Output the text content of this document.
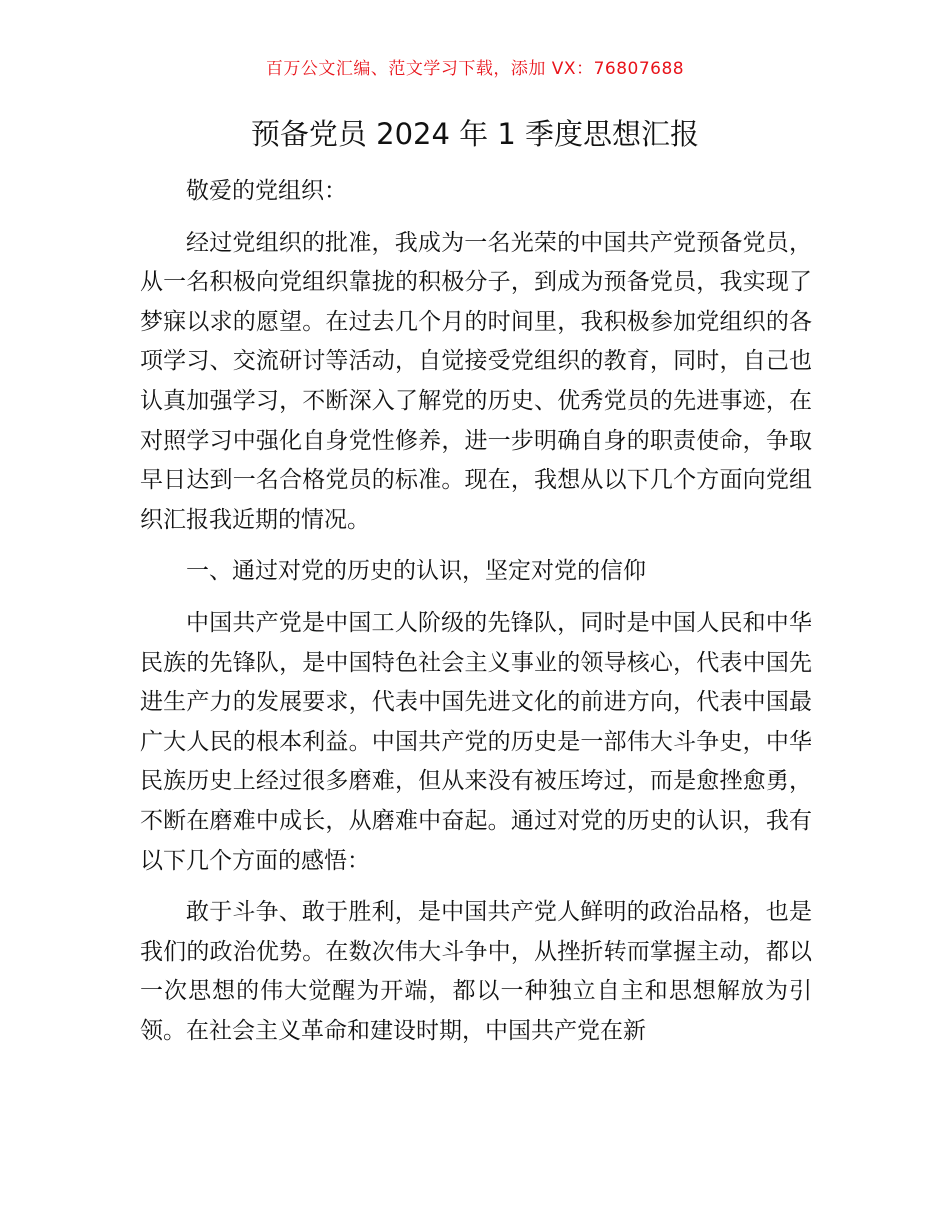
百万公文汇编、范文学习下载，添加 VX：76807688
预备党员 2024 年 1 季度思想汇报

敬爱的党组织：

经过党组织的批准，我成为一名光荣的中国共产党预备党员，从一名积极向党组织靠拢的积极分子，到成为预备党员，我实现了梦寐以求的愿望。在过去几个月的时间里，我积极参加党组织的各项学习、交流研讨等活动，自觉接受党组织的教育，同时，自己也认真加强学习，不断深入了解党的历史、优秀党员的先进事迹，在对照学习中强化自身党性修养，进一步明确自身的职责使命，争取早日达到一名合格党员的标准。现在，我想从以下几个方面向党组织汇报我近期的情况。

一、通过对党的历史的认识，坚定对党的信仰

中国共产党是中国工人阶级的先锋队，同时是中国人民和中华民族的先锋队，是中国特色社会主义事业的领导核心，代表中国先进生产力的发展要求，代表中国先进文化的前进方向，代表中国最广大人民的根本利益。中国共产党的历史是一部伟大斗争史，中华民族历史上经过很多磨难，但从来没有被压垮过，而是愈挫愈勇，不断在磨难中成长，从磨难中奋起。通过对党的历史的认识，我有以下几个方面的感悟：

敢于斗争、敢于胜利，是中国共产党人鲜明的政治品格，也是我们的政治优势。在数次伟大斗争中，从挫折转而掌握主动，都以一次思想的伟大觉醒为开端，都以一种独立自主和思想解放为引领。在社会主义革命和建设时期，中国共产党在新
